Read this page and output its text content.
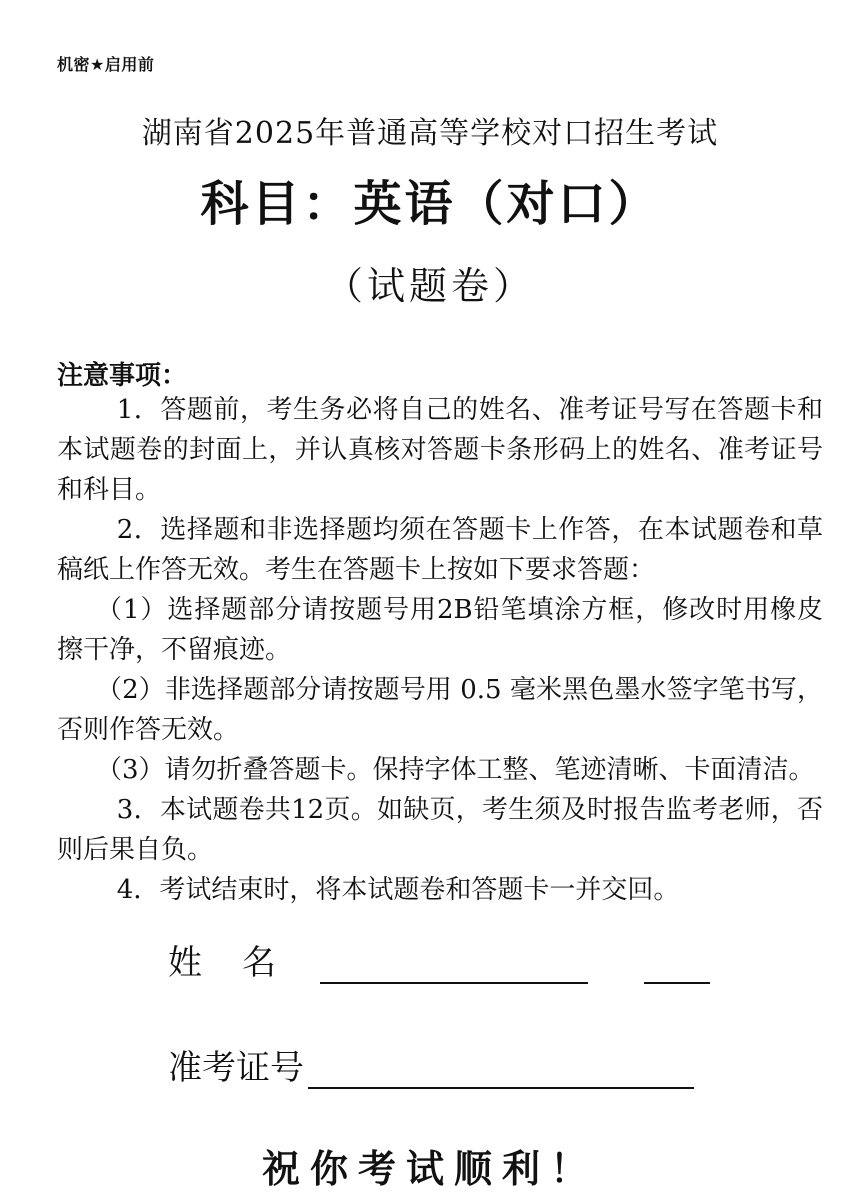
机密★启用前
湖南省2025年普通高等学校对口招生考试
科目：英语（对口）
（试题卷）
注意事项：

1．答题前，考生务必将自己的姓名、准考证号写在答题卡和本试题卷的封面上，并认真核对答题卡条形码上的姓名、准考证号和科目。

2．选择题和非选择题均须在答题卡上作答，在本试题卷和草稿纸上作答无效。考生在答题卡上按如下要求答题：

（1）选择题部分请按题号用2B铅笔填涂方框，修改时用橡皮擦干净，不留痕迹。

（2）非选择题部分请按题号用 0.5 毫米黑色墨水签字笔书写，否则作答无效。

（3）请勿折叠答题卡。保持字体工整、笔迹清晰、卡面清洁。

3．本试题卷共12页。如缺页，考生须及时报告监考老师，否则后果自负。

4．考试结束时，将本试题卷和答题卡一并交回。

姓名
准考证号
祝你考试顺利！
